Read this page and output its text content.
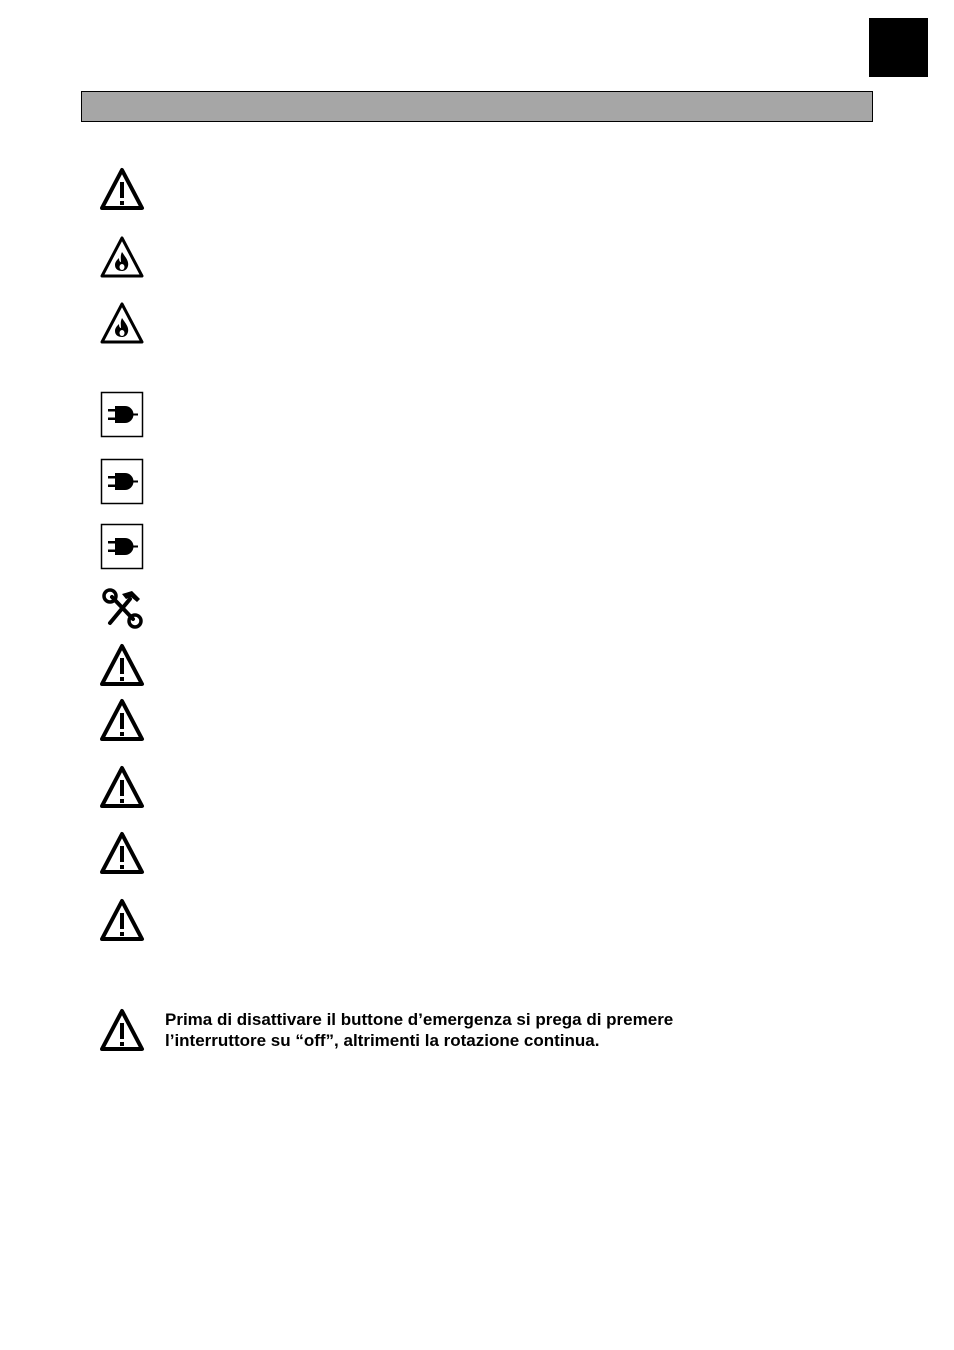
Prima di disattivare il buttone d’emergenza si prega di premere
l’interruttore su “off”, altrimenti la rotazione continua.
